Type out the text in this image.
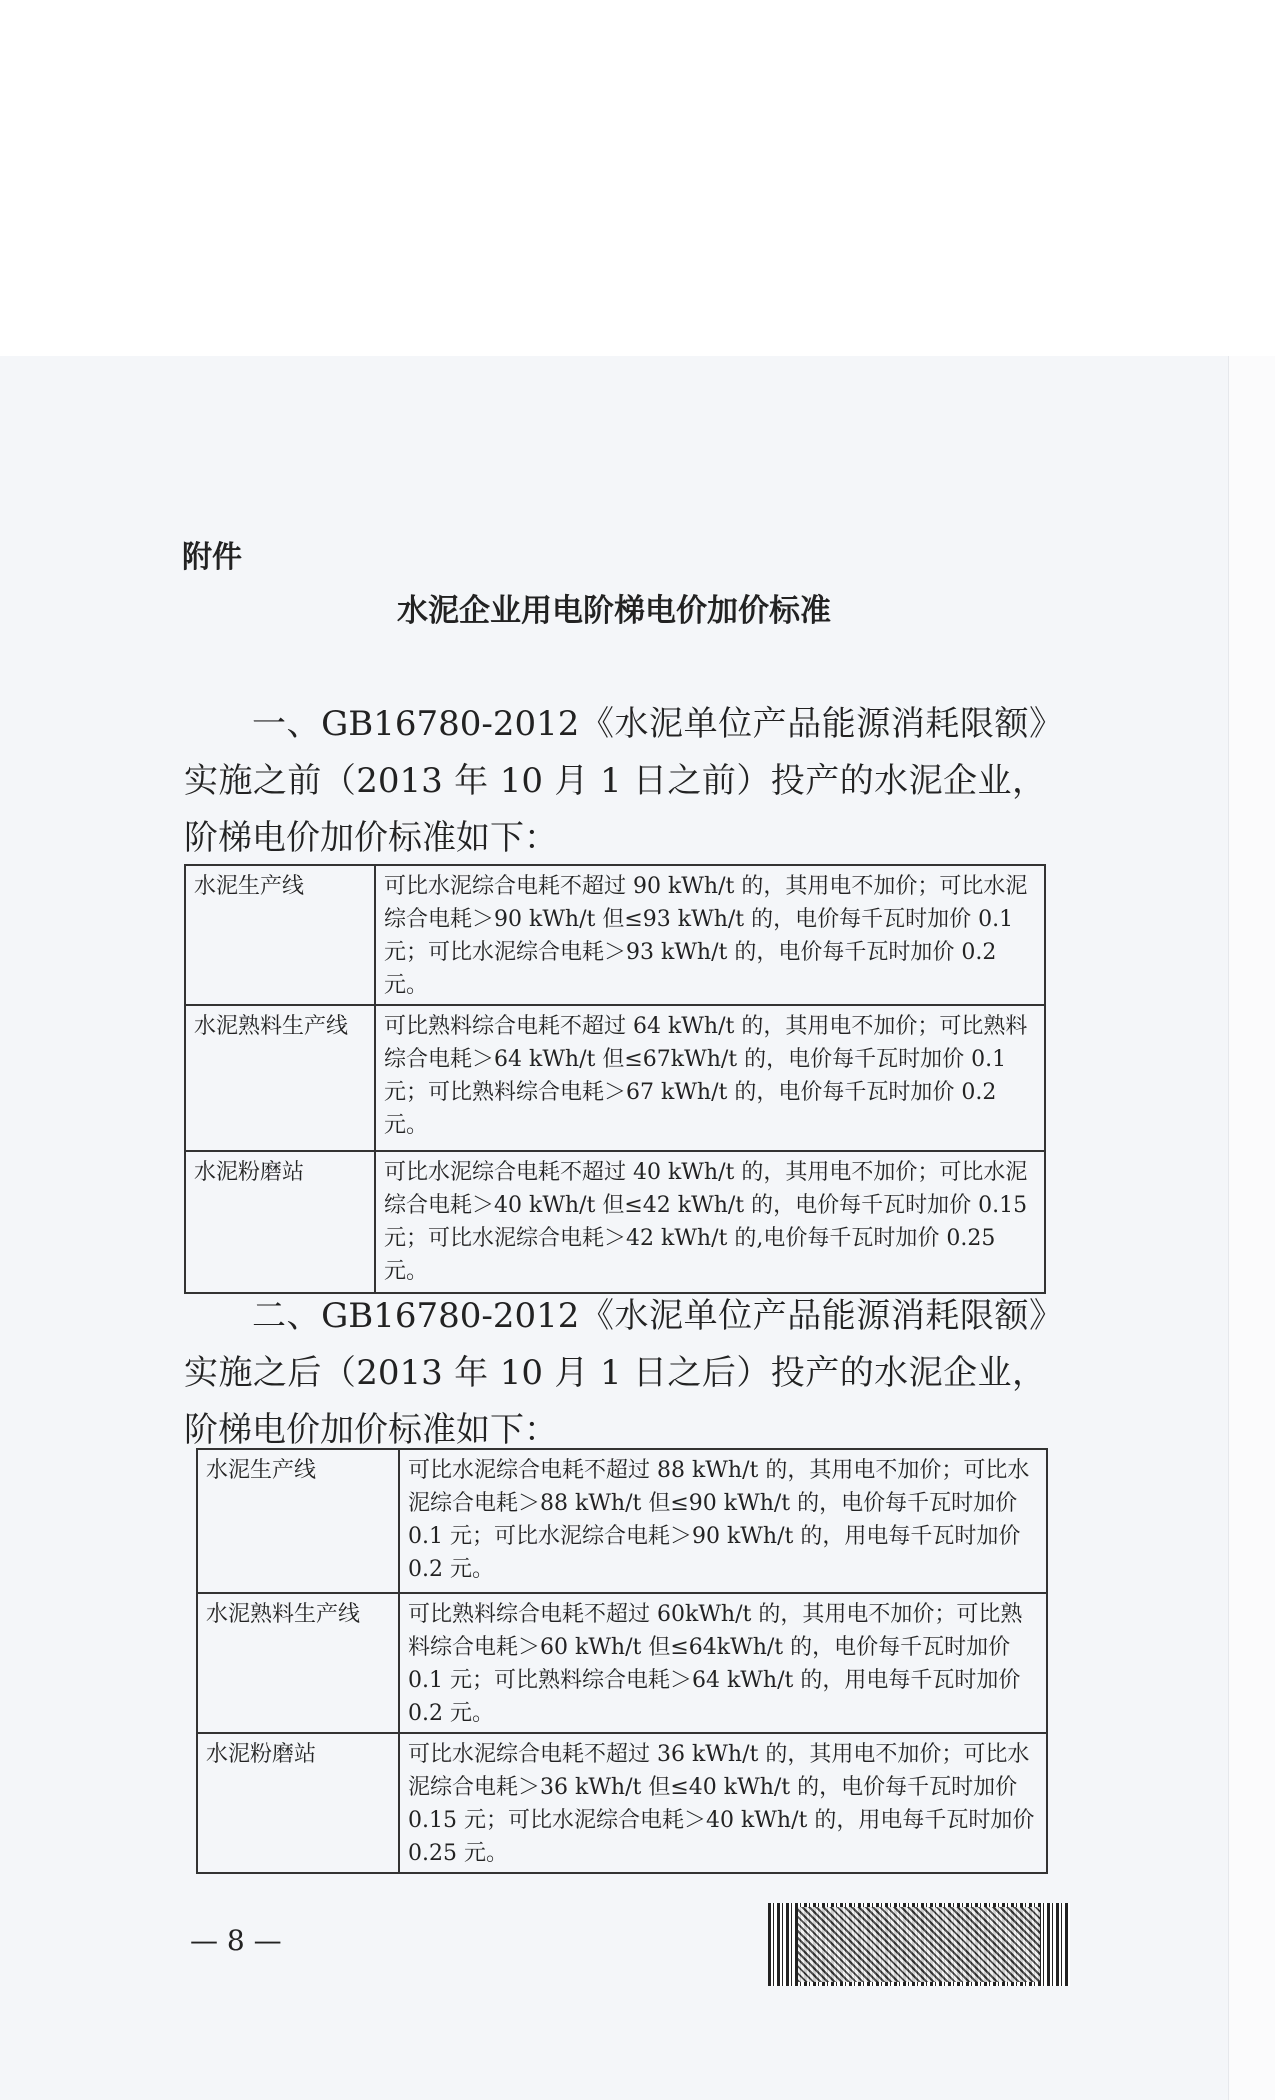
附件
水泥企业用电阶梯电价加价标准
一、GB16780-2012《水泥单位产品能源消耗限额》实施之前（2013 年 10 月 1 日之前）投产的水泥企业，阶梯电价加价标准如下：
水泥生产线	可比水泥综合电耗不超过 90 kWh/t 的，其用电不加价；可比水泥综合电耗＞90 kWh/t 但≤93 kWh/t 的，电价每千瓦时加价 0.1 元；可比水泥综合电耗＞93 kWh/t 的，电价每千瓦时加价 0.2 元。
水泥熟料生产线	可比熟料综合电耗不超过 64 kWh/t 的，其用电不加价；可比熟料综合电耗＞64 kWh/t 但≤67kWh/t 的，电价每千瓦时加价 0.1 元；可比熟料综合电耗＞67 kWh/t 的，电价每千瓦时加价 0.2 元。
水泥粉磨站	可比水泥综合电耗不超过 40 kWh/t 的，其用电不加价；可比水泥综合电耗＞40 kWh/t 但≤42 kWh/t 的，电价每千瓦时加价 0.15 元；可比水泥综合电耗＞42 kWh/t 的,电价每千瓦时加价 0.25 元。
二、GB16780-2012《水泥单位产品能源消耗限额》实施之后（2013 年 10 月 1 日之后）投产的水泥企业，阶梯电价加价标准如下：
水泥生产线	可比水泥综合电耗不超过 88 kWh/t 的，其用电不加价；可比水泥综合电耗＞88 kWh/t 但≤90 kWh/t 的，电价每千瓦时加价 0.1 元；可比水泥综合电耗＞90 kWh/t 的，用电每千瓦时加价 0.2 元。
水泥熟料生产线	可比熟料综合电耗不超过 60kWh/t 的，其用电不加价；可比熟料综合电耗＞60 kWh/t 但≤64kWh/t 的，电价每千瓦时加价 0.1 元；可比熟料综合电耗＞64 kWh/t 的，用电每千瓦时加价 0.2 元。
水泥粉磨站	可比水泥综合电耗不超过 36 kWh/t 的，其用电不加价；可比水泥综合电耗＞36 kWh/t 但≤40 kWh/t 的，电价每千瓦时加价 0.15 元；可比水泥综合电耗＞40 kWh/t 的，用电每千瓦时加价 0.25 元。
— 8 —
